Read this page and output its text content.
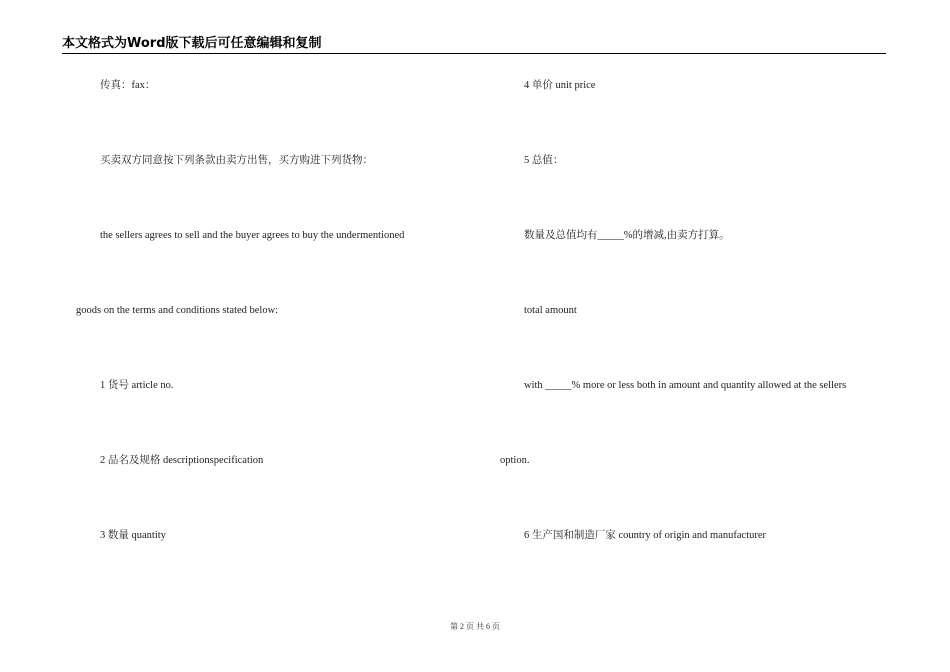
本文格式为Word版下载后可任意编辑和复制
传真：fax：
买卖双方同意按下列条款由卖方出售，买方购进下列货物：
the sellers agrees to sell and the buyer agrees to buy the undermentioned
goods on the terms and conditions stated below:
1 货号 article no.
2 品名及规格 descriptionspecification
3 数量 quantity
4 单价 unit price
5 总值：
数量及总值均有_____%的增减,由卖方打算。
total amount
with _____% more or less both in amount and quantity allowed at the sellers
option.
6 生产国和制造厂家 country of origin and manufacturer
第 2 页 共 6 页
